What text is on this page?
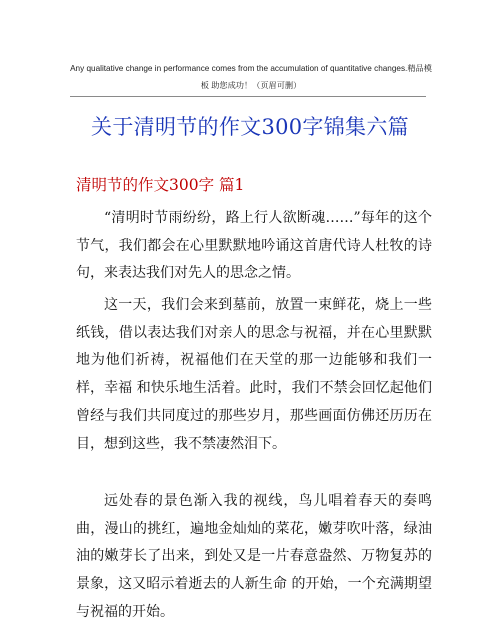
Any qualitative change in performance comes from the accumulation of quantitative changes.精品模板 助您成功！（页眉可删）
关于清明节的作文300字锦集六篇
清明节的作文300字 篇1

“清明时节雨纷纷，路上行人欲断魂……”每年的这个节气，我们都会在心里默默地吟诵这首唐代诗人杜牧的诗句，来表达我们对先人的思念之情。

这一天，我们会来到墓前，放置一束鲜花，烧上一些纸钱，借以表达我们对亲人的思念与祝福，并在心里默默地为他们祈祷，祝福他们在天堂的那一边能够和我们一样，幸福 和快乐地生活着。此时，我们不禁会回忆起他们曾经与我们共同度过的那些岁月，那些画面仿佛还历历在目，想到这些，我不禁凄然泪下。

远处春的景色渐入我的视线，鸟儿唱着春天的奏鸣曲，漫山的挑红，遍地金灿灿的菜花，嫩芽吹叶落，绿油油的嫩芽长了出来，到处又是一片春意盎然、万物复苏的景象，这又昭示着逝去的人新生命 的开始，一个充满期望与祝福的开始。
